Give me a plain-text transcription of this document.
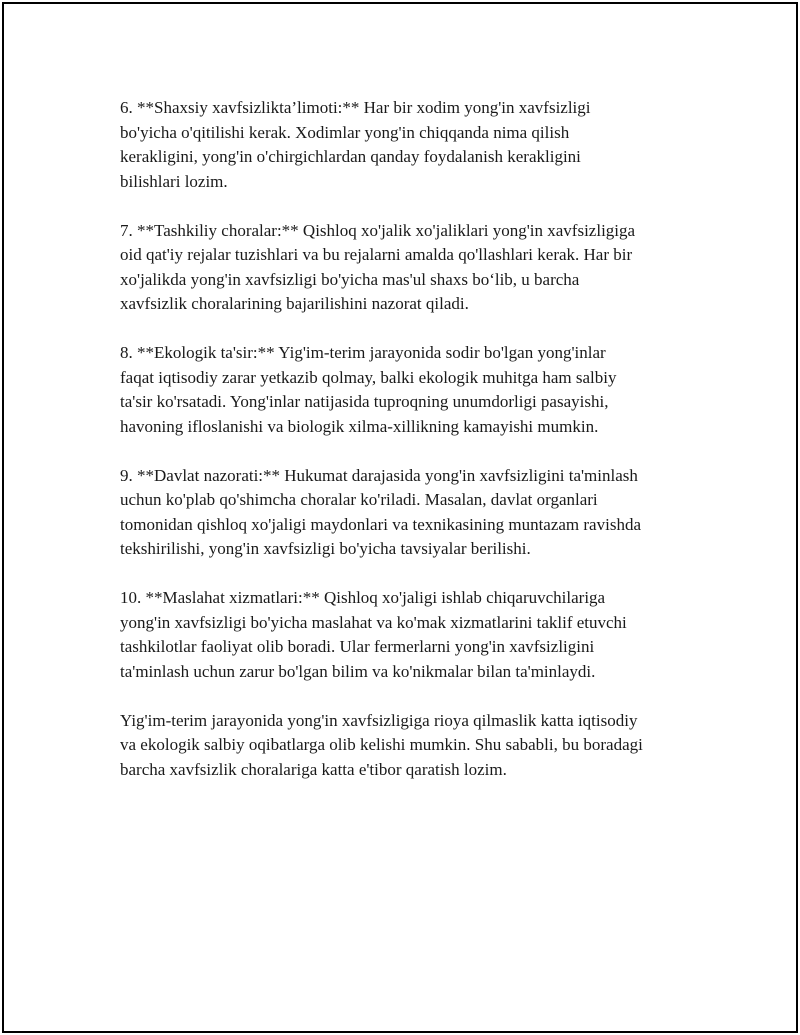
6. **Shaxsiy xavfsizlikta’limoti:** Har bir xodim yong'in xavfsizligi
bo'yicha o'qitilishi kerak. Xodimlar yong'in chiqqanda nima qilish
kerakligini, yong'in o'chirgichlardan qanday foydalanish kerakligini
bilishlari lozim.

7. **Tashkiliy choralar:** Qishloq xo'jalik xo'jaliklari yong'in xavfsizligiga
oid qat'iy rejalar tuzishlari va bu rejalarni amalda qo'llashlari kerak. Har bir
xo'jalikda yong'in xavfsizligi bo'yicha mas'ul shaxs bo‘lib, u barcha
xavfsizlik choralarining bajarilishini nazorat qiladi.

8. **Ekologik ta'sir:** Yig'im-terim jarayonida sodir bo'lgan yong'inlar
faqat iqtisodiy zarar yetkazib qolmay, balki ekologik muhitga ham salbiy
ta'sir ko'rsatadi. Yong'inlar natijasida tuproqning unumdorligi pasayishi,
havoning ifloslanishi va biologik xilma-xillikning kamayishi mumkin.

9. **Davlat nazorati:** Hukumat darajasida yong'in xavfsizligini ta'minlash
uchun ko'plab qo'shimcha choralar ko'riladi. Masalan, davlat organlari
tomonidan qishloq xo'jaligi maydonlari va texnikasining muntazam ravishda
tekshirilishi, yong'in xavfsizligi bo'yicha tavsiyalar berilishi.

10. **Maslahat xizmatlari:** Qishloq xo'jaligi ishlab chiqaruvchilariga
yong'in xavfsizligi bo'yicha maslahat va ko'mak xizmatlarini taklif etuvchi
tashkilotlar faoliyat olib boradi. Ular fermerlarni yong'in xavfsizligini
ta'minlash uchun zarur bo'lgan bilim va ko'nikmalar bilan ta'minlaydi.

Yig'im-terim jarayonida yong'in xavfsizligiga rioya qilmaslik katta iqtisodiy
va ekologik salbiy oqibatlarga olib kelishi mumkin. Shu sababli, bu boradagi
barcha xavfsizlik choralariga katta e'tibor qaratish lozim.
